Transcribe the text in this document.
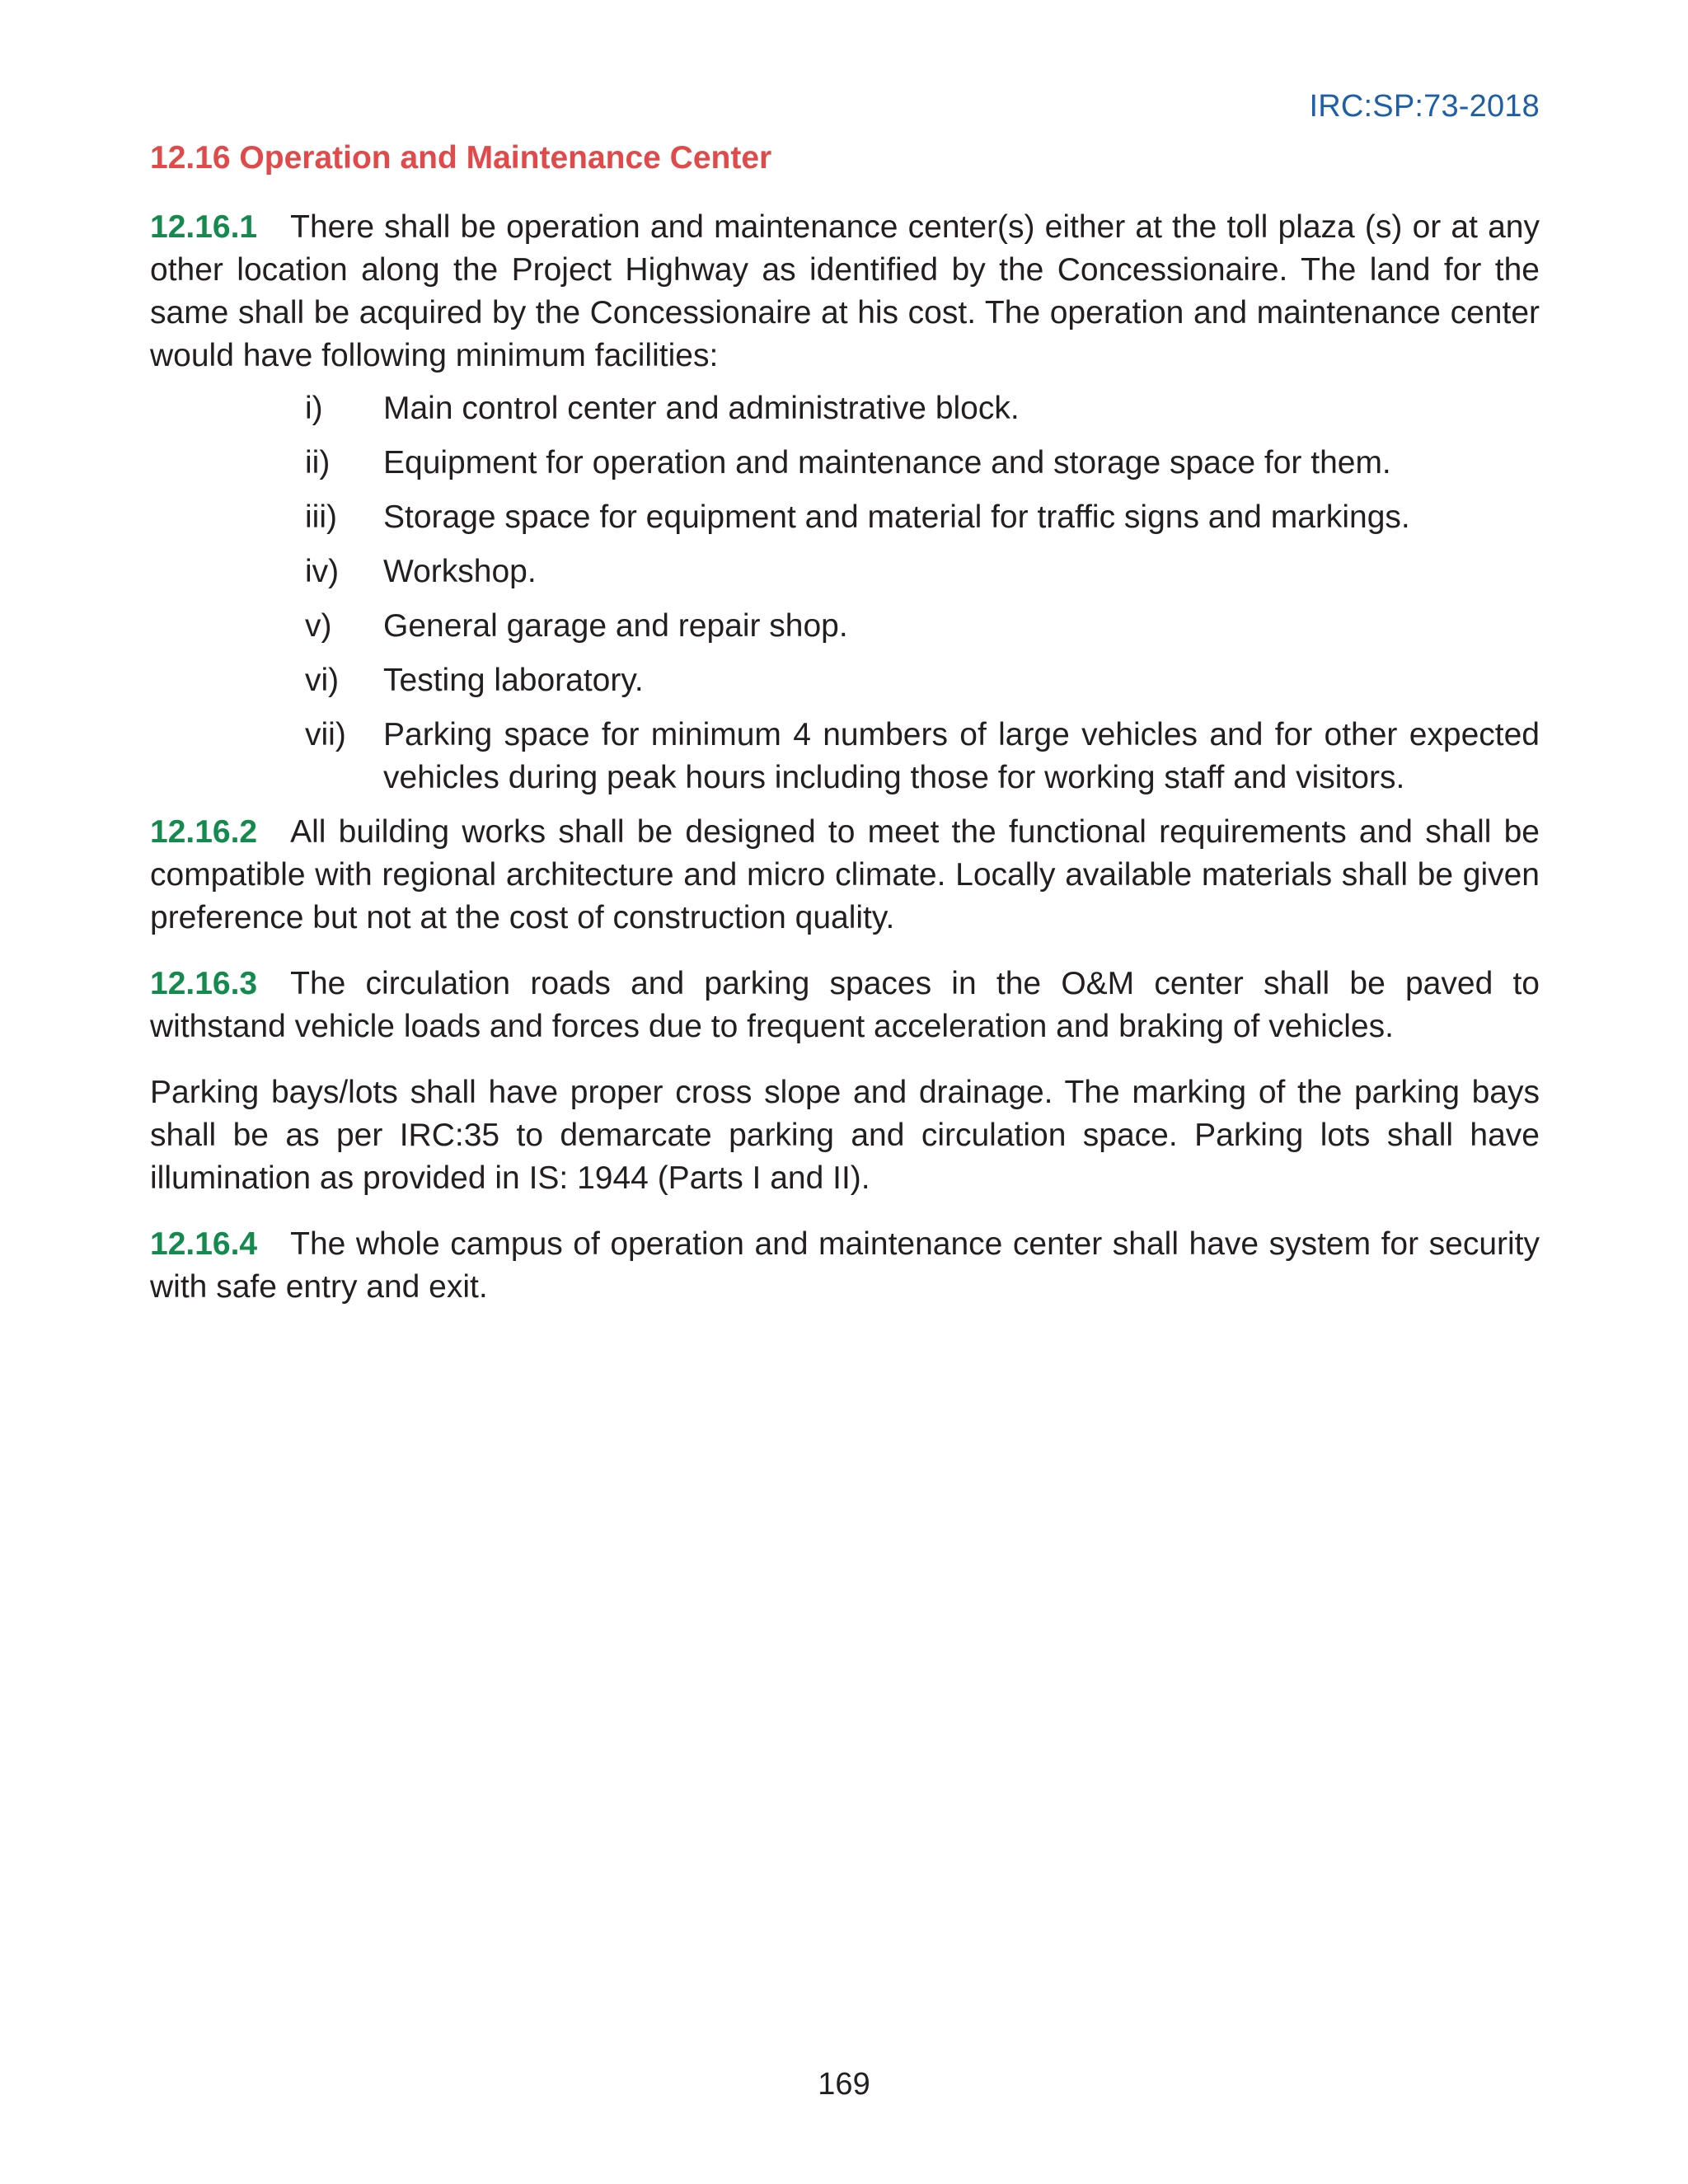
IRC:SP:73-2018
12.16 Operation and Maintenance Center

12.16.1 There shall be operation and maintenance center(s) either at the toll plaza (s) or at any other location along the Project Highway as identified by the Concessionaire. The land for the same shall be acquired by the Concessionaire at his cost. The operation and maintenance center would have following minimum facilities:

i)	Main control center and administrative block.
ii)	Equipment for operation and maintenance and storage space for them.
iii)	Storage space for equipment and material for traffic signs and markings.
iv)	Workshop.
v)	General garage and repair shop.
vi)	Testing laboratory.
vii)	Parking space for minimum 4 numbers of large vehicles and for other expected vehicles during peak hours including those for working staff and visitors.

12.16.2 All building works shall be designed to meet the functional requirements and shall be compatible with regional architecture and micro climate. Locally available materials shall be given preference but not at the cost of construction quality.

12.16.3 The circulation roads and parking spaces in the O&M center shall be paved to withstand vehicle loads and forces due to frequent acceleration and braking of vehicles.

Parking bays/lots shall have proper cross slope and drainage. The marking of the parking bays shall be as per IRC:35 to demarcate parking and circulation space. Parking lots shall have illumination as provided in IS: 1944 (Parts I and II).

12.16.4 The whole campus of operation and maintenance center shall have system for security with safe entry and exit.

169
